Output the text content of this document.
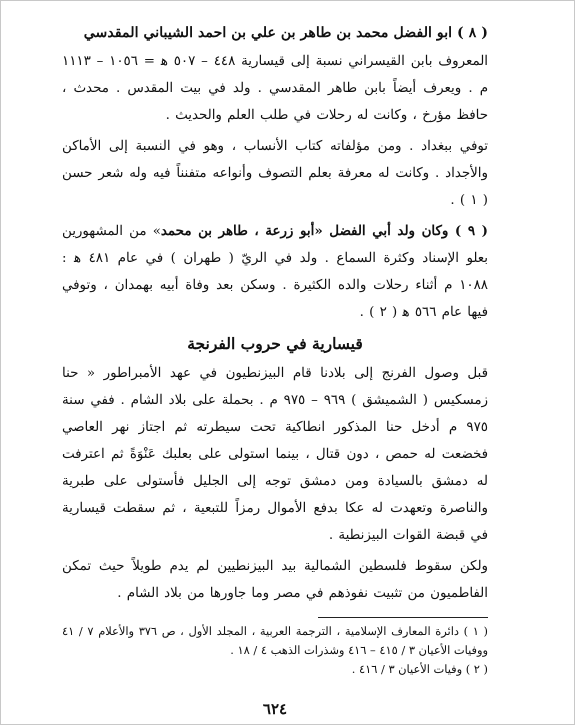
( ٨ ) ابو الفضل محمد بن طاهر بن علي بن احمد الشيباني المقدسي

المعروف بابن القيسراني نسبة إلى قيسارية ٤٤٨ – ٥٠٧ ﻫ = ١٠٥٦ – ١١١٣ م . ويعرف أيضاً بابن طاهر المقدسي . ولد في بيت المقدس . محدث ، حافظ مؤرخ ، وكانت له رحلات في طلب العلم والحديث .

توفي ببغداد . ومن مؤلفاته كتاب الأنساب ، وهو في النسبة إلى الأماكن والأجداد . وكانت له معرفة بعلم التصوف وأنواعه متفنناً فيه وله شعر حسن ( ١ ) .

( ٩ ) وكان ولد أبي الفضل «أبو زرعة ، طاهر بن محمد» من المشهورين بعلو الإسناد وكثرة السماع . ولد في الريّ ( طهران ) في عام ٤٨١ ﻫ : ١٠٨٨ م أثناء رحلات والده الكثيرة . وسكن بعد وفاة أبيه بهمدان ، وتوفي فيها عام ٥٦٦ ﻫ ( ٢ ) .

قيسارية في حروب الفرنجة

قبل وصول الفرنج إلى بلادنا قام البيزنطيون في عهد الأمبراطور « حنا زمسكيس ( الشميشق ) ٩٦٩ – ٩٧٥ م . بحملة على بلاد الشام . ففي سنة ٩٧٥ م أدخل حنا المذكور انطاكية تحت سيطرته ثم اجتاز نهر العاصي فخضعت له حمص ، دون قتال ، بينما استولى على بعلبك عَنْوَةً ثم اعترفت له دمشق بالسيادة ومن دمشق توجه إلى الجليل فأستولى على طبرية والناصرة وتعهدت له عكا بدفع الأموال رمزاً للتبعية ، ثم سقطت قيسارية في قبضة القوات البيزنطية .

ولكن سقوط فلسطين الشمالية بيد البيزنطيين لم يدم طويلاً حيث تمكن الفاطميون من تثبيت نفوذهم في مصر وما جاورها من بلاد الشام .

( ١ ) دائرة المعارف الإسلامية ، الترجمة العربية ، المجلد الأول ، ص ٣٧٦ والأعلام ٧ / ٤١ ووفيات الأعيان ٣ / ٤١٥ – ٤١٦ وشذرات الذهب ٤ / ١٨ .

( ٢ ) وفيات الأعيان ٣ / ٤١٦ .

٦٢٤
